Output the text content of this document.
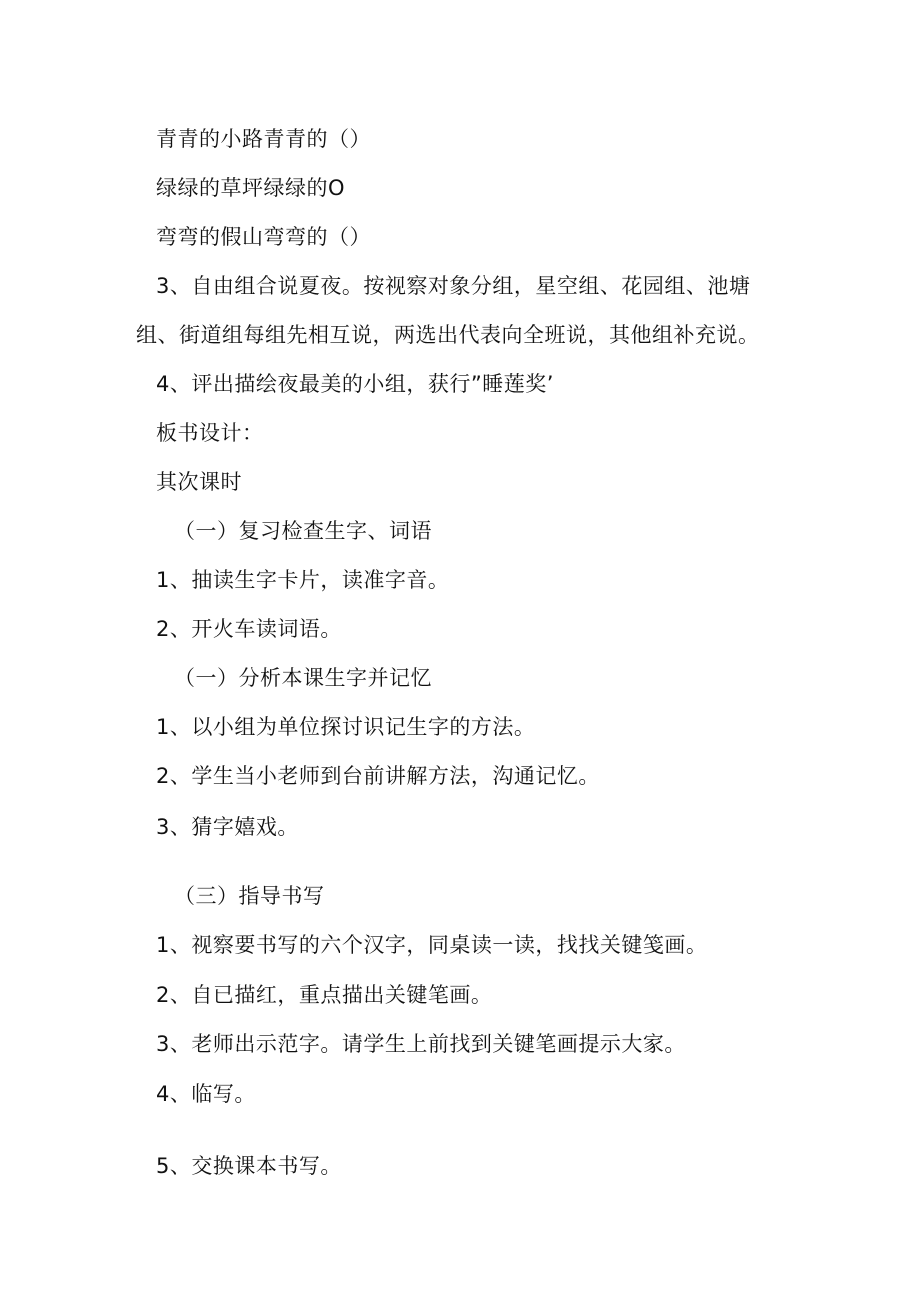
青青的小路青青的（）
绿绿的草坪绿绿的O
弯弯的假山弯弯的（）
3、自由组合说夏夜。按视察对象分组，星空组、花园组、池塘
组、街道组每组先相互说，两选出代表向全班说，其他组补充说。
4、评出描绘夜最美的小组，获行”睡莲奖’
板书设计：
其次课时
（一）复习检查生字、词语
1、抽读生字卡片，读准字音。
2、开火车读词语。
（一）分析本课生字并记忆
1、以小组为单位探讨识记生字的方法。
2、学生当小老师到台前讲解方法，沟通记忆。
3、猜字嬉戏。
（三）指导书写
1、视察要书写的六个汉字，同桌读一读，找找关键笺画。
2、自已描红，重点描出关键笔画。
3、老师出示范字。请学生上前找到关键笔画提示大家。
4、临写。
5、交换课本书写。
